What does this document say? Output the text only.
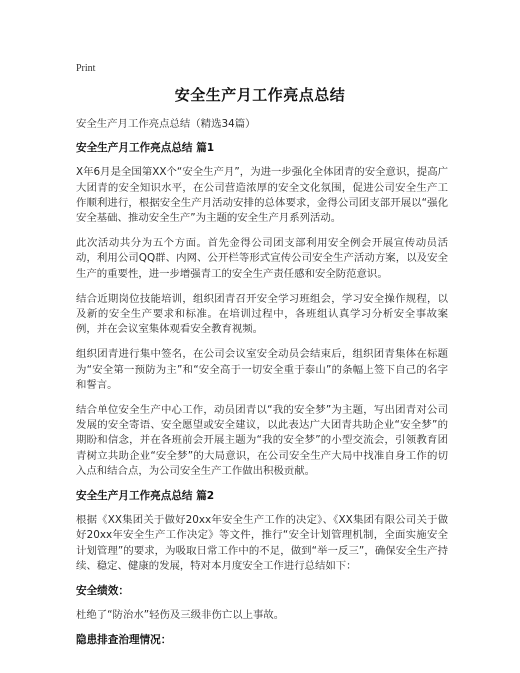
Print
安全生产月工作亮点总结

安全生产月工作亮点总结（精选34篇）

安全生产月工作亮点总结 篇1

X年6月是全国第XX个“安全生产月”，为进一步强化全体团青的安全意识，提高广大团青的安全知识水平，在公司营造浓厚的安全文化氛围，促进公司安全生产工作顺利进行，根据安全生产月活动安排的总体要求，金得公司团支部开展以“强化安全基础、推动安全生产”为主题的安全生产月系列活动。

此次活动共分为五个方面。首先金得公司团支部利用安全例会开展宣传动员活动，利用公司QQ群、内网、公开栏等形式宣传公司安全生产活动方案，以及安全生产的重要性，进一步增强青工的安全生产责任感和安全防范意识。

结合近期岗位技能培训，组织团青召开安全学习班组会，学习安全操作规程，以及新的安全生产要求和标准。在培训过程中，各班组认真学习分析安全事故案例，并在会议室集体观看安全教育视频。

组织团青进行集中签名，在公司会议室安全动员会结束后，组织团青集体在标题为“安全第一预防为主”和“安全高于一切安全重于泰山”的条幅上签下自己的名字和誓言。

结合单位安全生产中心工作，动员团青以“我的安全梦”为主题，写出团青对公司发展的安全寄语、安全愿望或安全建议，以此表达广大团青共助企业“安全梦”的期盼和信念，并在各班前会开展主题为“我的安全梦”的小型交流会，引领教育团青树立共助企业“安全梦”的大局意识，在公司安全生产大局中找准自身工作的切入点和结合点，为公司安全生产工作做出积极贡献。

安全生产月工作亮点总结 篇2

根据《XX集团关于做好20xx年安全生产工作的决定》、《XX集团有限公司关于做好20xx年安全生产工作决定》等文件，推行“安全计划管理机制，全面实施安全计划管理”的要求，为吸取日常工作中的不足，做到“举一反三”，确保安全生产持续、稳定、健康的发展，特对本月度安全工作进行总结如下：

安全绩效：

杜绝了“防治水”轻伤及三级非伤亡以上事故。

隐患排查治理情况：
